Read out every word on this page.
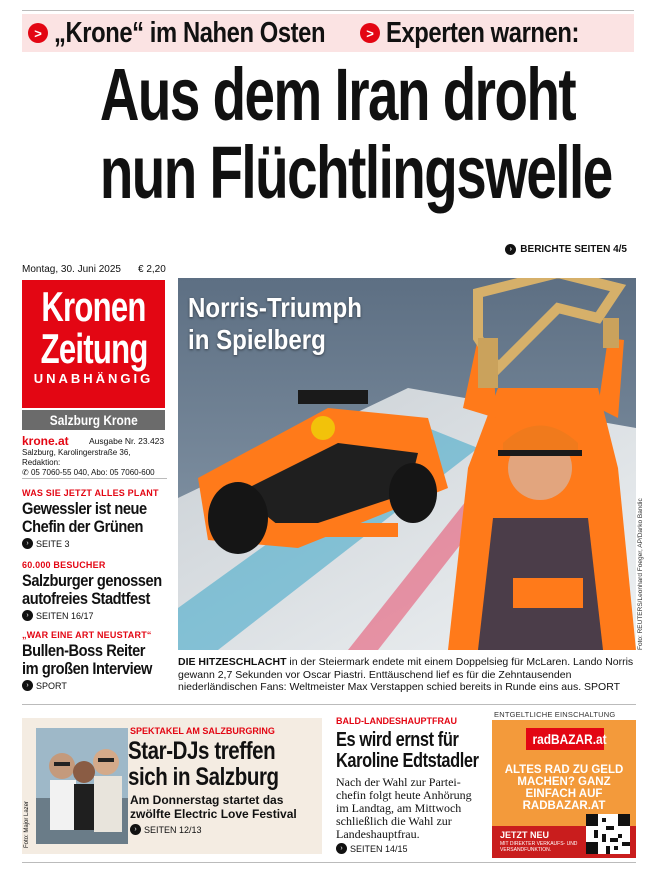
> „Krone“ im Nahen Osten	> Experten warnen:
Aus dem Iran droht
nun Flüchtlingswelle
› BERICHTE SEITEN 4/5
Montag, 30. Juni 2025 € 2,20
Kronen
Zeitung
UNABHÄNGIG
Salzburg Krone
krone.at Ausgabe Nr. 23.423
Salzburg, Karolingerstraße 36, Redaktion:
✆ 05 7060-55 040, Abo: 05 7060-600
WAS SIE JETZT ALLES PLANT
Gewessler ist neue
Chefin der Grünen
› SEITE 3
60.000 BESUCHER
Salzburger genossen
autofreies Stadtfest
› SEITEN 16/17
„WAR EINE ART NEUSTART“
Bullen-Boss Reiter
im großen Interview
› SPORT
Norris-Triumph
in Spielberg
Foto: REUTERS/Leonhard Foeger, AP/Darko Bandic
DIE HITZESCHLACHT in der Steiermark endete mit einem Doppelsieg für McLaren. Lando Norris gewann 2,7 Sekunden vor Oscar Piastri. Enttäuschend lief es für die Zehntausenden niederländischen Fans: Weltmeister Max Verstappen schied bereits in Runde eins aus. SPORT
Foto: Major Lazer
SPEKTAKEL AM SALZBURGRING
Star-DJs treffen
sich in Salzburg
Am Donnerstag startet das zwölfte Electric Love Festival
› SEITEN 12/13
BALD-LANDESHAUPTFRAU
Es wird ernst für
Karoline Edtstadler
Nach der Wahl zur Partei-chefin folgt heute Anhörung im Landtag, am Mittwoch schließlich die Wahl zur Landeshauptfrau.
› SEITEN 14/15
ENTGELTLICHE EINSCHALTUNG
radBAZAR.at
ALTES RAD ZU GELD MACHEN? GANZ EINFACH AUF RADBAZAR.AT
JETZT NEU
MIT DIREKTER VERKAUFS- UND VERSANDFUNKTION.
